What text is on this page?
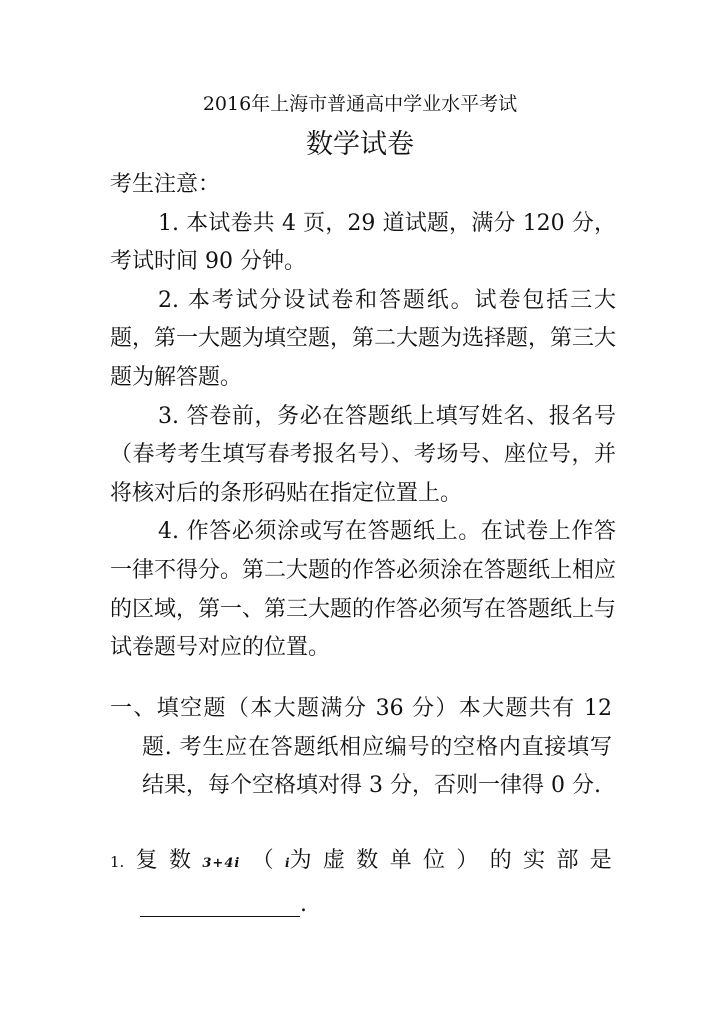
2016年上海市普通高中学业水平考试
数学试卷

考生注意：

1. 本试卷共 4 页，29 道试题，满分 120 分，考试时间 90 分钟。

2. 本考试分设试卷和答题纸。试卷包括三大题，第一大题为填空题，第二大题为选择题，第三大题为解答题。

3. 答卷前，务必在答题纸上填写姓名、报名号（春考考生填写春考报名号）、考场号、座位号，并将核对后的条形码贴在指定位置上。

4. 作答必须涂或写在答题纸上。在试卷上作答一律不得分。第二大题的作答必须涂在答题纸上相应的区域，第一、第三大题的作答必须写在答题纸上与试卷题号对应的位置。

一、填空题（本大题满分 36 分）本大题共有 12 题. 考生应在答题纸相应编号的空格内直接填写结果，每个空格填对得 3 分，否则一律得 0 分.

1. 复 数 3+4i （ i为 虚 数 单 位 ） 的 实 部 是
.
